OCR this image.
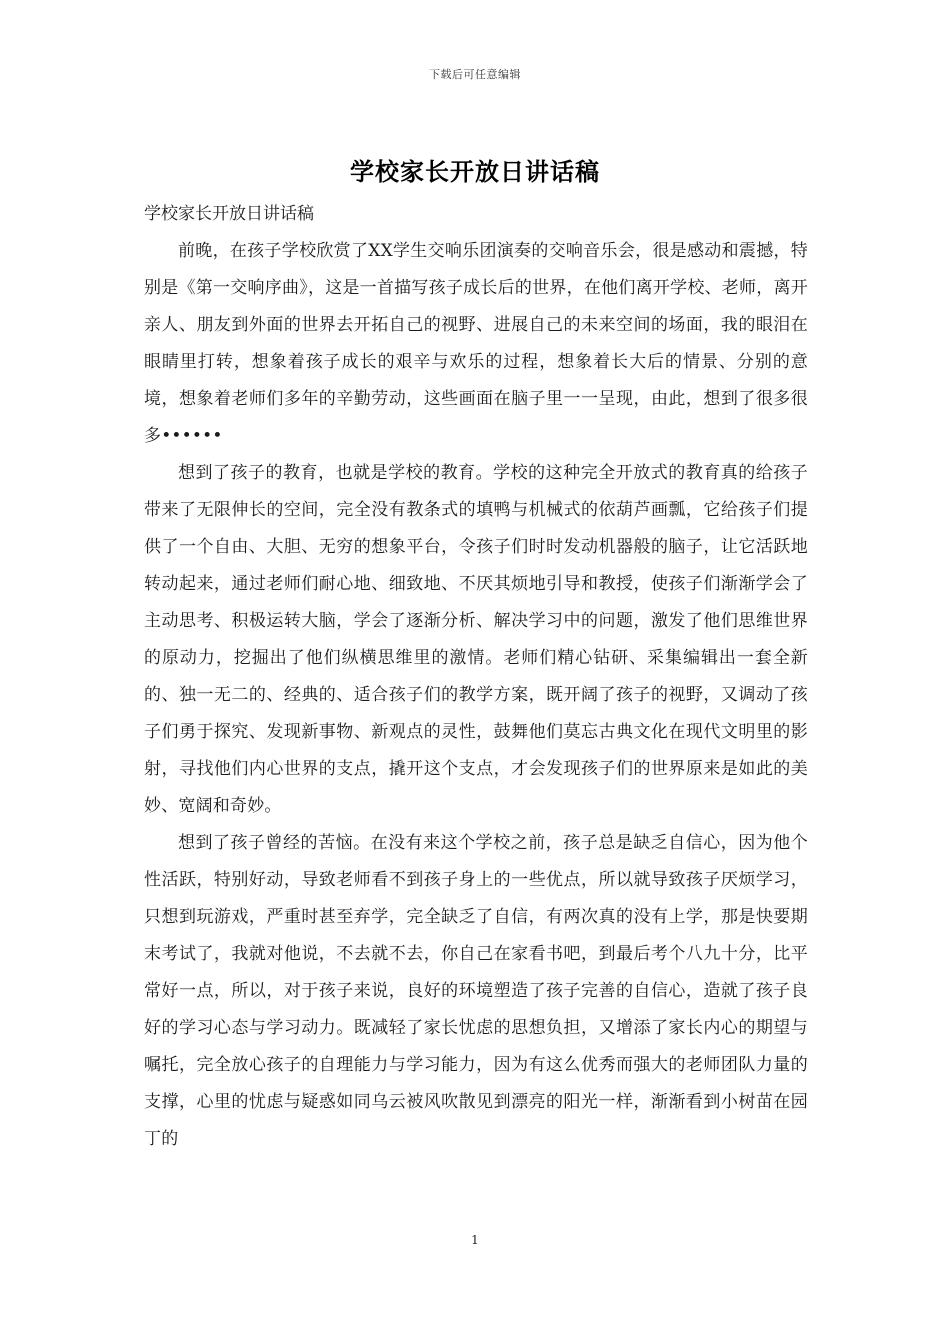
下载后可任意编辑
学校家长开放日讲话稿

学校家长开放日讲话稿

前晚，在孩子学校欣赏了XX学生交响乐团演奏的交响音乐会，很是感动和震撼，特别是《第一交响序曲》，这是一首描写孩子成长后的世界，在他们离开学校、老师，离开亲人、朋友到外面的世界去开拓自己的视野、进展自己的未来空间的场面，我的眼泪在眼睛里打转，想象着孩子成长的艰辛与欢乐的过程，想象着长大后的情景、分别的意境，想象着老师们多年的辛勤劳动，这些画面在脑子里一一呈现，由此，想到了很多很多••••••

想到了孩子的教育，也就是学校的教育。学校的这种完全开放式的教育真的给孩子带来了无限伸长的空间，完全没有教条式的填鸭与机械式的依葫芦画瓢，它给孩子们提供了一个自由、大胆、无穷的想象平台，令孩子们时时发动机器般的脑子，让它活跃地转动起来，通过老师们耐心地、细致地、不厌其烦地引导和教授，使孩子们渐渐学会了主动思考、积极运转大脑，学会了逐渐分析、解决学习中的问题，激发了他们思维世界的原动力，挖掘出了他们纵横思维里的激情。老师们精心钻研、采集编辑出一套全新的、独一无二的、经典的、适合孩子们的教学方案，既开阔了孩子的视野，又调动了孩子们勇于探究、发现新事物、新观点的灵性，鼓舞他们莫忘古典文化在现代文明里的影射，寻找他们内心世界的支点，撬开这个支点，才会发现孩子们的世界原来是如此的美妙、宽阔和奇妙。

想到了孩子曾经的苦恼。在没有来这个学校之前，孩子总是缺乏自信心，因为他个性活跃，特别好动，导致老师看不到孩子身上的一些优点，所以就导致孩子厌烦学习，只想到玩游戏，严重时甚至弃学，完全缺乏了自信，有两次真的没有上学，那是快要期末考试了，我就对他说，不去就不去，你自己在家看书吧，到最后考个八九十分，比平常好一点，所以，对于孩子来说，良好的环境塑造了孩子完善的自信心，造就了孩子良好的学习心态与学习动力。既减轻了家长忧虑的思想负担，又增添了家长内心的期望与嘱托，完全放心孩子的自理能力与学习能力，因为有这么优秀而强大的老师团队力量的支撑，心里的忧虑与疑惑如同乌云被风吹散见到漂亮的阳光一样，渐渐看到小树苗在园丁的

1
